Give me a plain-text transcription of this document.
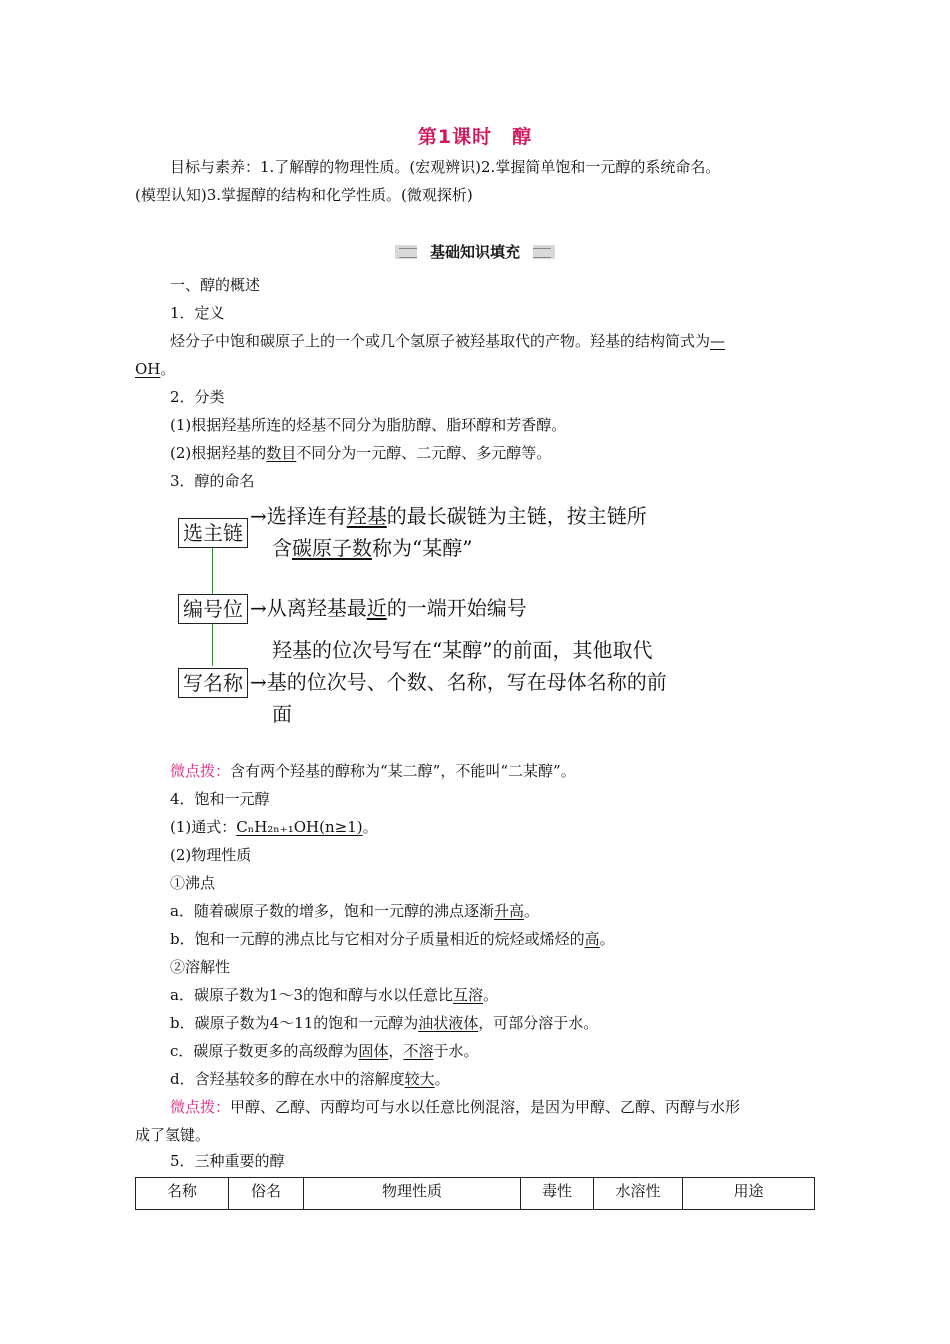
第1课时　醇
目标与素养：1.了解醇的物理性质。(宏观辨识)2.掌握简单饱和一元醇的系统命名。
(模型认知)3.掌握醇的结构和化学性质。(微观探析)
基础知识填充
一、醇的概述
1．定义
烃分子中饱和碳原子上的一个或几个氢原子被羟基取代的产物。羟基的结构简式为—
OH。
2．分类
(1)根据羟基所连的烃基不同分为脂肪醇、脂环醇和芳香醇。
(2)根据羟基的数目不同分为一元醇、二元醇、多元醇等。
3．醇的命名
选主链
→选择连有羟基的最长碳链为主链，按主链所
含碳原子数称为“某醇”
编号位 →从离羟基最近的一端开始编号
写名称
羟基的位次号写在“某醇”的前面，其他取代
→基的位次号、个数、名称，写在母体名称的前
面
微点拨：含有两个羟基的醇称为“某二醇”，不能叫“二某醇”。
4．饱和一元醇
(1)通式：CₙH₂ₙ₊₁OH(n≥1)。
(2)物理性质
①沸点
a．随着碳原子数的增多，饱和一元醇的沸点逐渐升高。
b．饱和一元醇的沸点比与它相对分子质量相近的烷烃或烯烃的高。
②溶解性
a．碳原子数为1～3的饱和醇与水以任意比互溶。
b．碳原子数为4～11的饱和一元醇为油状液体，可部分溶于水。
c．碳原子数更多的高级醇为固体，不溶于水。
d．含羟基较多的醇在水中的溶解度较大。
微点拨：甲醇、乙醇、丙醇均可与水以任意比例混溶，是因为甲醇、乙醇、丙醇与水形
成了氢键。
5．三种重要的醇
名称	俗名	物理性质	毒性	水溶性	用途
